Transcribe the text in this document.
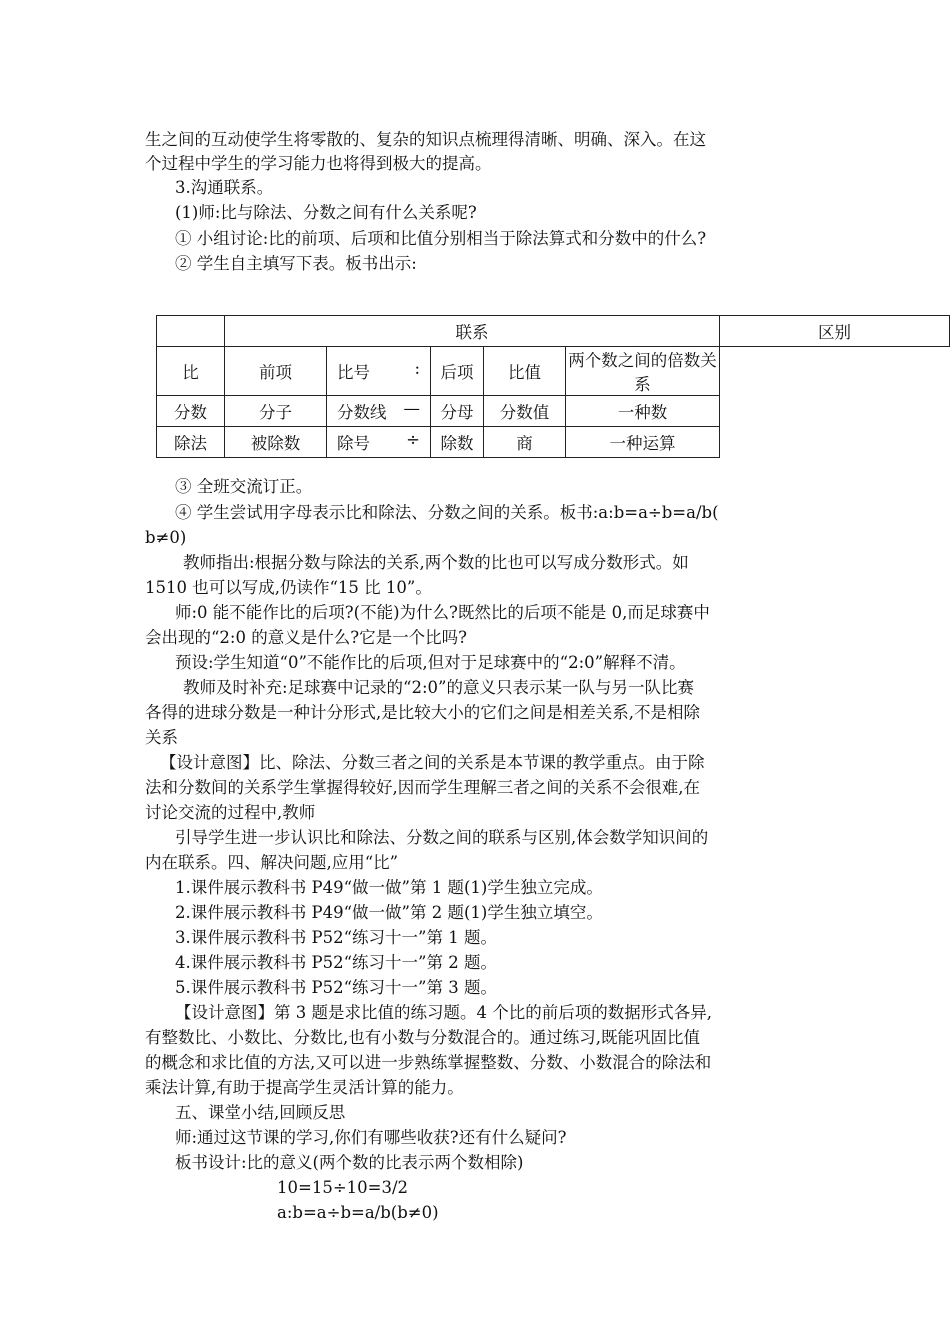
生之间的互动使学生将零散的、复杂的知识点梳理得清晰、明确、深入。在这
个过程中学生的学习能力也将得到极大的提高。
3.沟通联系。
(1)师:比与除法、分数之间有什么关系呢?
① 小组讨论:比的前项、后项和比值分别相当于除法算式和分数中的什么?
② 学生自主填写下表。板书出示:
	联系					区别
比	前项	比号 :	后项	比值	两个数之间的倍数关系	
分数	分子	分数线 —	分母	分数值	一种数	
除法	被除数	除号 ÷	除数	商	一种运算	
③ 全班交流订正。
④ 学生尝试用字母表示比和除法、分数之间的关系。板书:a:b=a÷b=a/b(
b≠0)
教师指出:根据分数与除法的关系,两个数的比也可以写成分数形式。如
1510 也可以写成,仍读作“15 比 10”。
师:0 能不能作比的后项?(不能)为什么?既然比的后项不能是 0,而足球赛中
会出现的“2:0 的意义是什么?它是一个比吗?
预设:学生知道“0”不能作比的后项,但对于足球赛中的“2:0”解释不清。
教师及时补充:足球赛中记录的“2:0”的意义只表示某一队与另一队比赛
各得的进球分数是一种计分形式,是比较大小的它们之间是相差关系,不是相除
关系
【设计意图】比、除法、分数三者之间的关系是本节课的教学重点。由于除
法和分数间的关系学生掌握得较好,因而学生理解三者之间的关系不会很难,在
讨论交流的过程中,教师
引导学生进一步认识比和除法、分数之间的联系与区别,体会数学知识间的
内在联系。四、解决问题,应用“比”
1.课件展示教科书 P49“做一做”第 1 题(1)学生独立完成。
2.课件展示教科书 P49“做一做”第 2 题(1)学生独立填空。
3.课件展示教科书 P52“练习十一”第 1 题。
4.课件展示教科书 P52“练习十一”第 2 题。
5.课件展示教科书 P52“练习十一”第 3 题。
【设计意图】第 3 题是求比值的练习题。4 个比的前后项的数据形式各异,
有整数比、小数比、分数比,也有小数与分数混合的。通过练习,既能巩固比值
的概念和求比值的方法,又可以进一步熟练掌握整数、分数、小数混合的除法和
乘法计算,有助于提高学生灵活计算的能力。
五、课堂小结,回顾反思
师:通过这节课的学习,你们有哪些收获?还有什么疑问?
板书设计:比的意义(两个数的比表示两个数相除)
10=15÷10=3/2
a:b=a÷b=a/b(b≠0)
